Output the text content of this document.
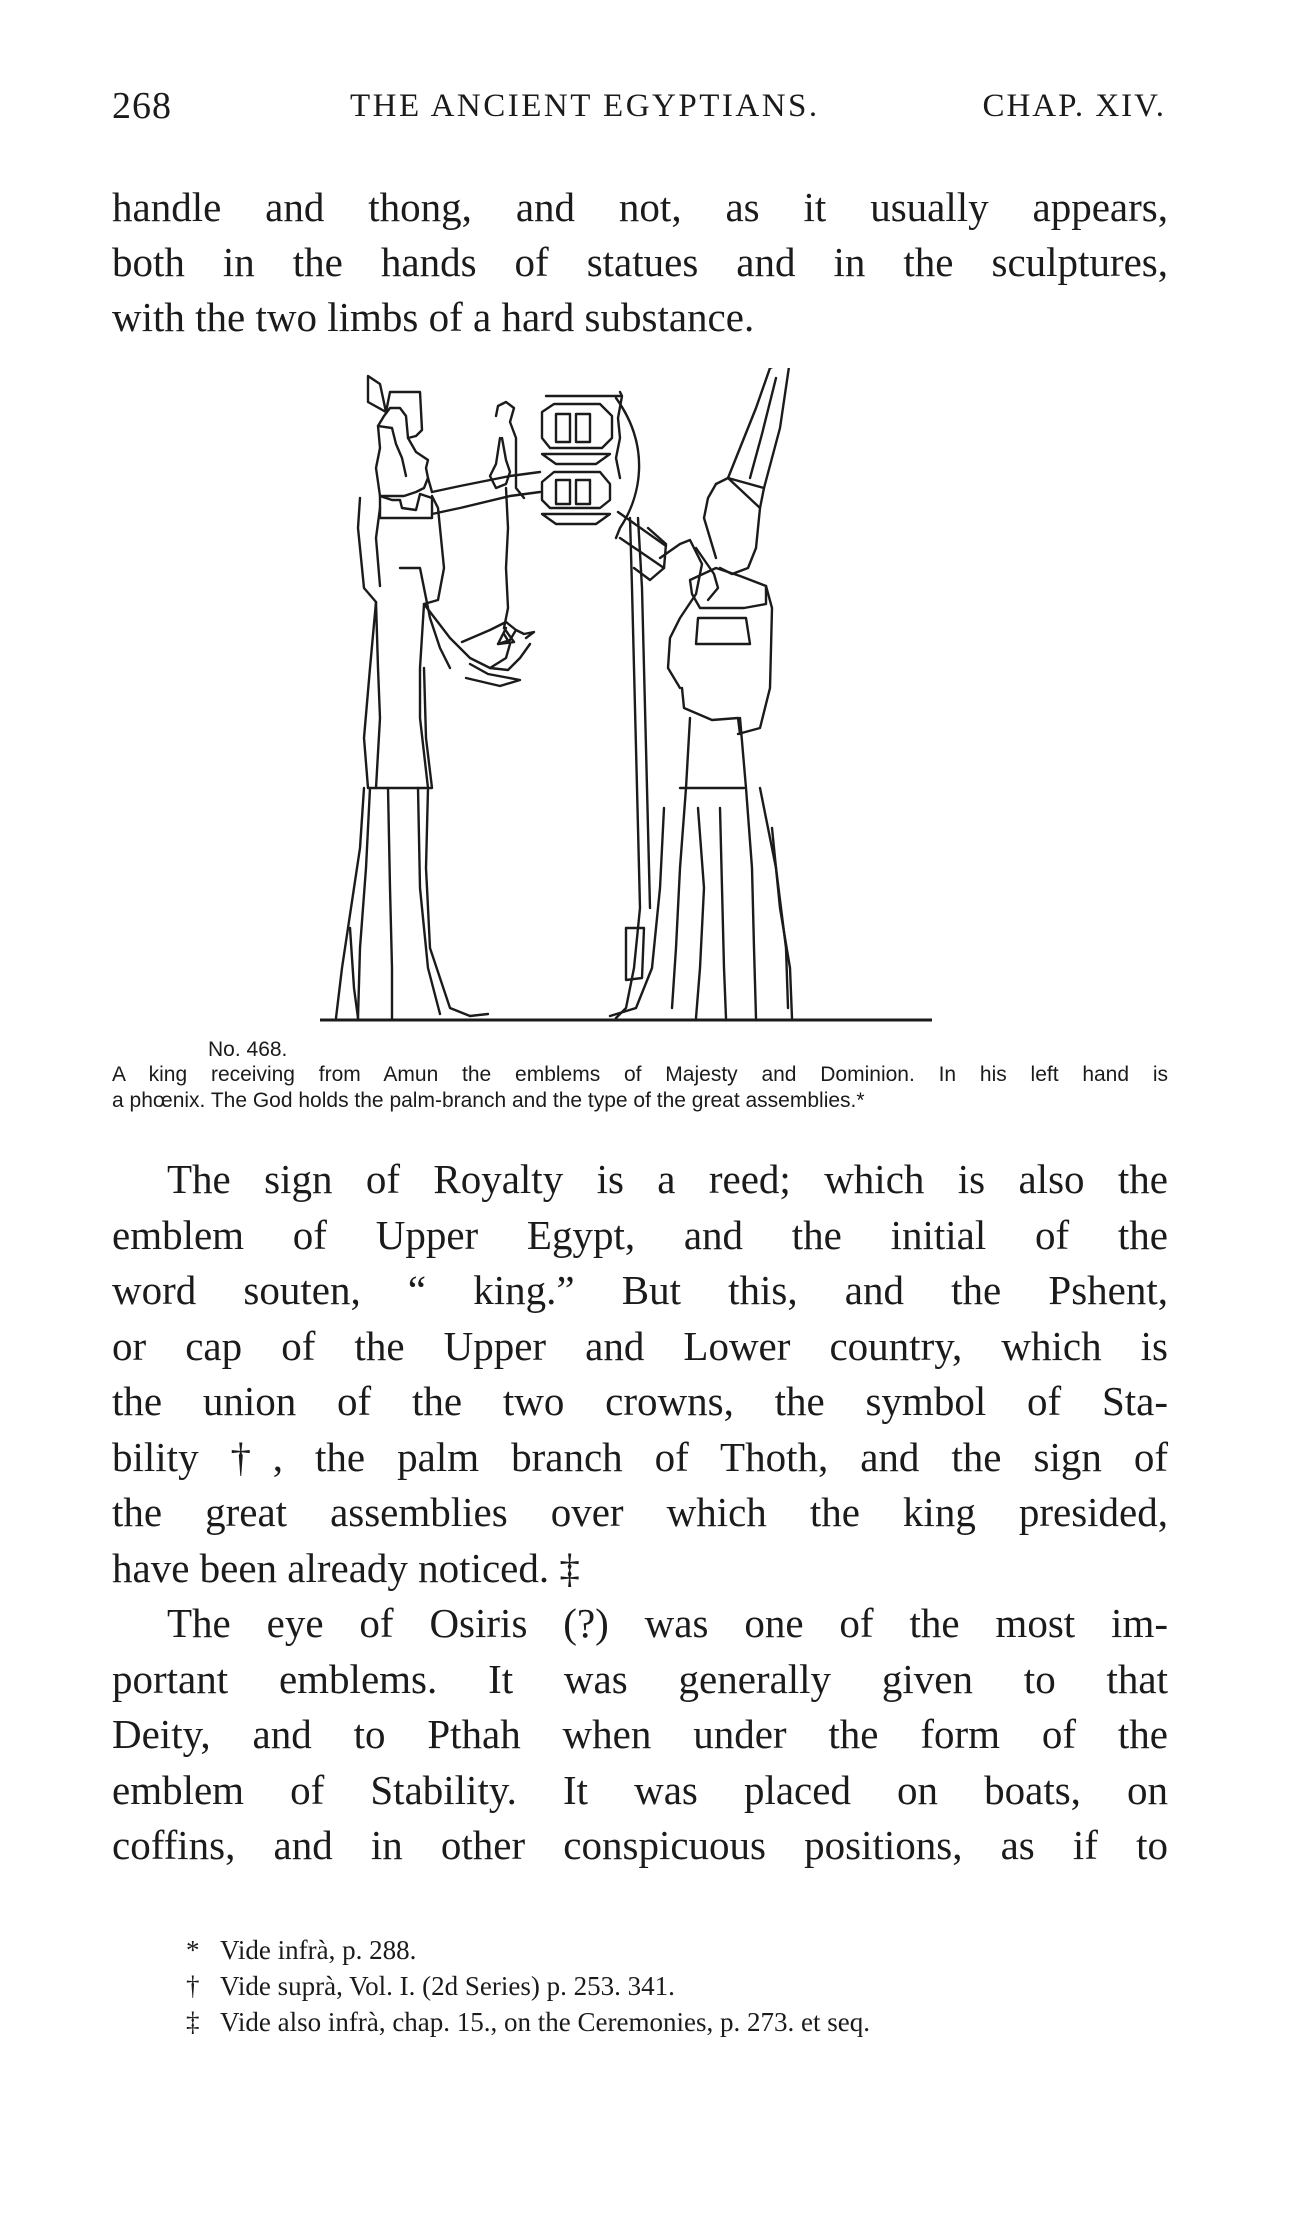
268	THE ANCIENT EGYPTIANS.	CHAP. XIV.
handle and thong, and not, as it usually appears,
both in the hands of statues and in the sculptures,
with the two limbs of a hard substance.
No. 468.
A king receiving from Amun the emblems of Majesty and Dominion. In his left hand is
a phœnix. The God holds the palm-branch and the type of the great assemblies.*
The sign of Royalty is a reed; which is also the
emblem of Upper Egypt, and the initial of the
word souten, “ king.” But this, and the Pshent,
or cap of the Upper and Lower country, which is
the union of the two crowns, the symbol of Sta-
bility †, the palm branch of Thoth, and the sign of
the great assemblies over which the king presided,
have been already noticed. ‡
The eye of Osiris (?) was one of the most im-
portant emblems. It was generally given to that
Deity, and to Pthah when under the form of the
emblem of Stability. It was placed on boats, on
coffins, and in other conspicuous positions, as if to
* Vide infrà, p. 288.
† Vide suprà, Vol. I. (2d Series) p. 253. 341.
‡ Vide also infrà, chap. 15., on the Ceremonies, p. 273. et seq.
